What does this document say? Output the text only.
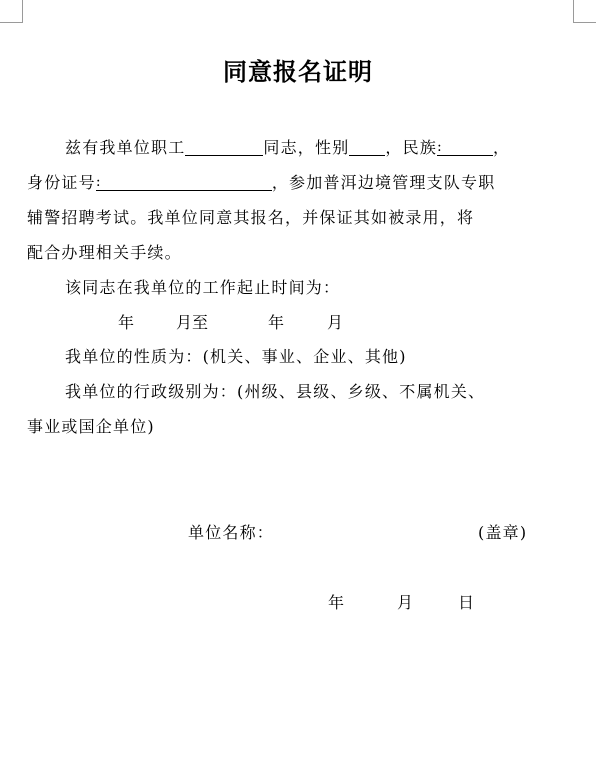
同意报名证明
兹有我单位职工	同志，性别 ，民族 :	，
身份证号 :	，参加普洱边境管理支队专职
辅警招聘考试。我单位同意其报名，并保证其如被录用，将
配合办理相关手续。
该同志在我单位的工作起止时间为：
年	月至	年	月
我单位的性质为：(机关、事业、企业、其他)
我单位的行政级别为：(州级、县级、乡级、不属机关、
事业或国企单位)
单位名称：	(盖章)
年	月	日
